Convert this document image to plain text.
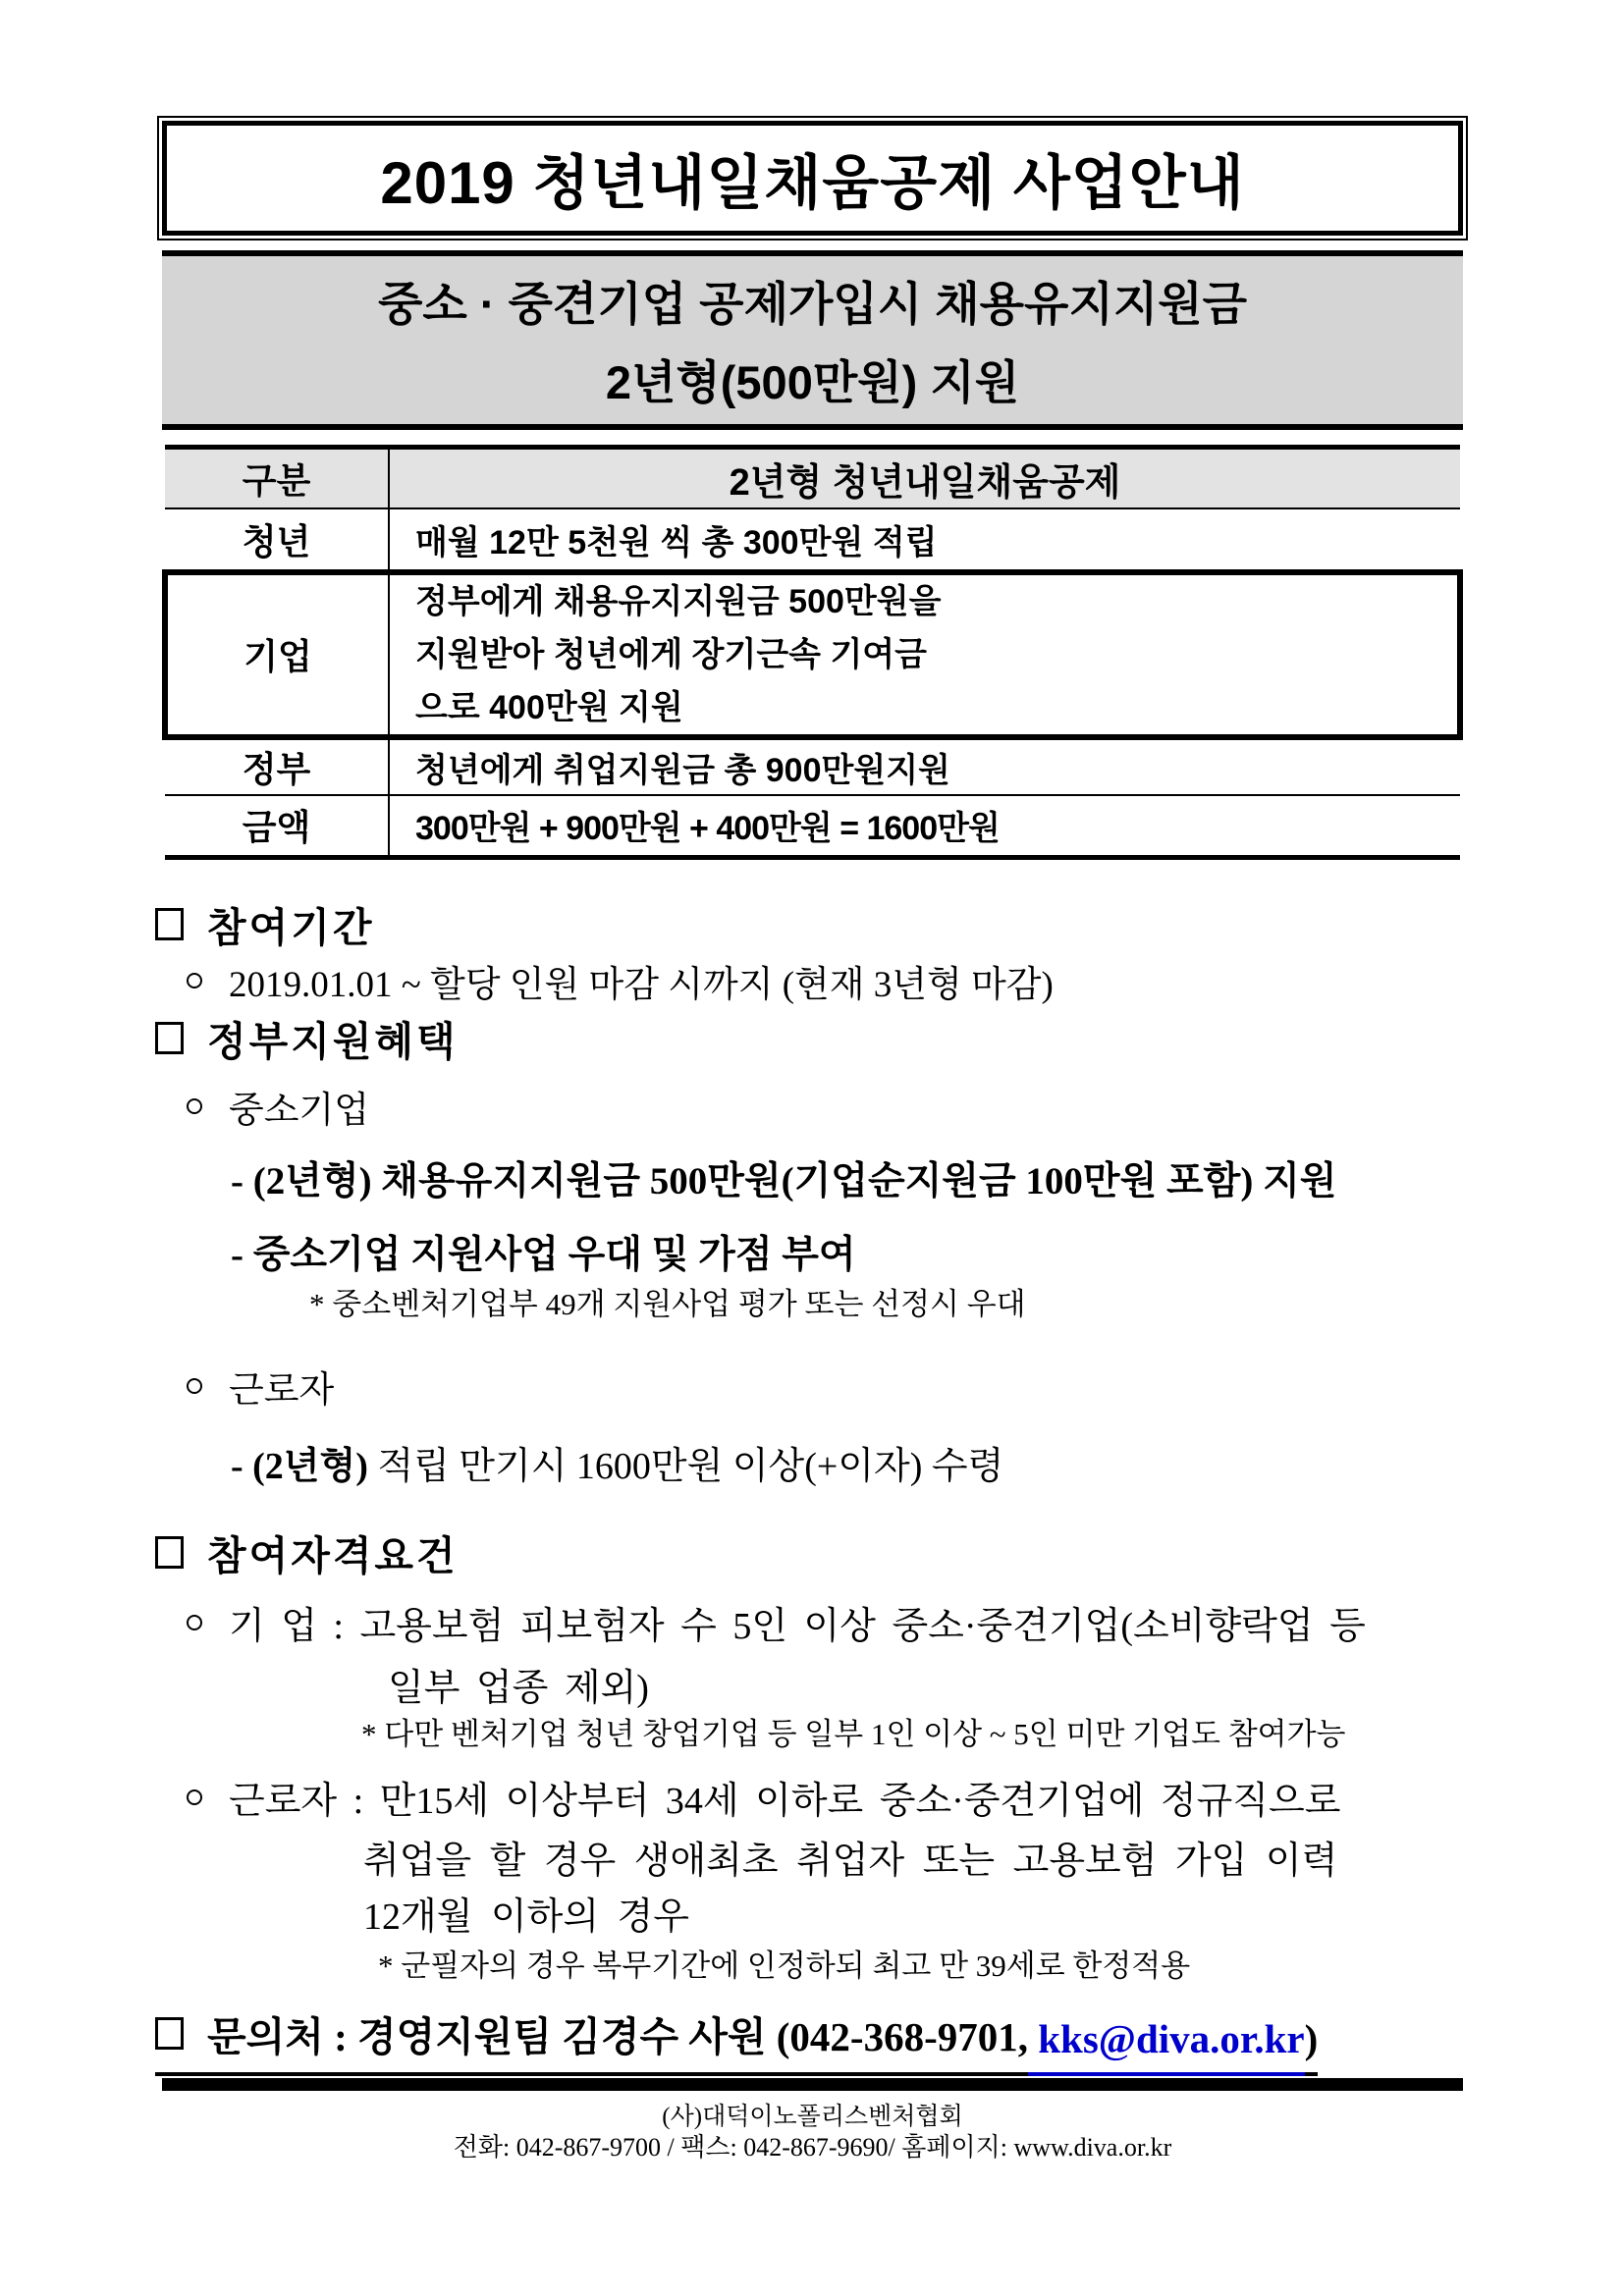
2019 청년내일채움공제 사업안내
중소 · 중견기업 공제가입시 채용유지지원금
2년형(500만원) 지원
구분	2년형 청년내일채움공제
청년	매월 12만 5천원 씩 총 300만원 적립
기업	정부에게 채용유지지원금 500만원을
지원받아 청년에게 장기근속 기여금
으로 400만원 지원

정부	청년에게 취업지원금 총 900만원지원
금액	300만원 + 900만원 + 400만원 = 1600만원
참여기간
2019.01.01 ~ 할당 인원 마감 시까지 (현재 3년형 마감)
정부지원혜택
중소기업
- (2년형) 채용유지지원금 500만원(기업순지원금 100만원 포함) 지원
- 중소기업 지원사업 우대 및 가점 부여
* 중소벤처기업부 49개 지원사업 평가 또는 선정시 우대
근로자
- (2년형) 적립 만기시 1600만원 이상(+이자) 수령
참여자격요건
기 업 : 고용보험 피보험자 수 5인 이상 중소·중견기업(소비향락업 등
일부 업종 제외)
* 다만 벤처기업 청년 창업기업 등 일부 1인 이상 ~ 5인 미만 기업도 참여가능
근로자 : 만15세 이상부터 34세 이하로 중소·중견기업에 정규직으로
취업을 할 경우 생애최초 취업자 또는 고용보험 가입 이력
12개월 이하의 경우
* 군필자의 경우 복무기간에 인정하되 최고 만 39세로 한정적용
문의처 : 경영지원팀 김경수 사원 (042-368-9701, kks@diva.or.kr )
(사)대덕이노폴리스벤처협회
전화: 042-867-9700 / 팩스: 042-867-9690/ 홈페이지: www.diva.or.kr
